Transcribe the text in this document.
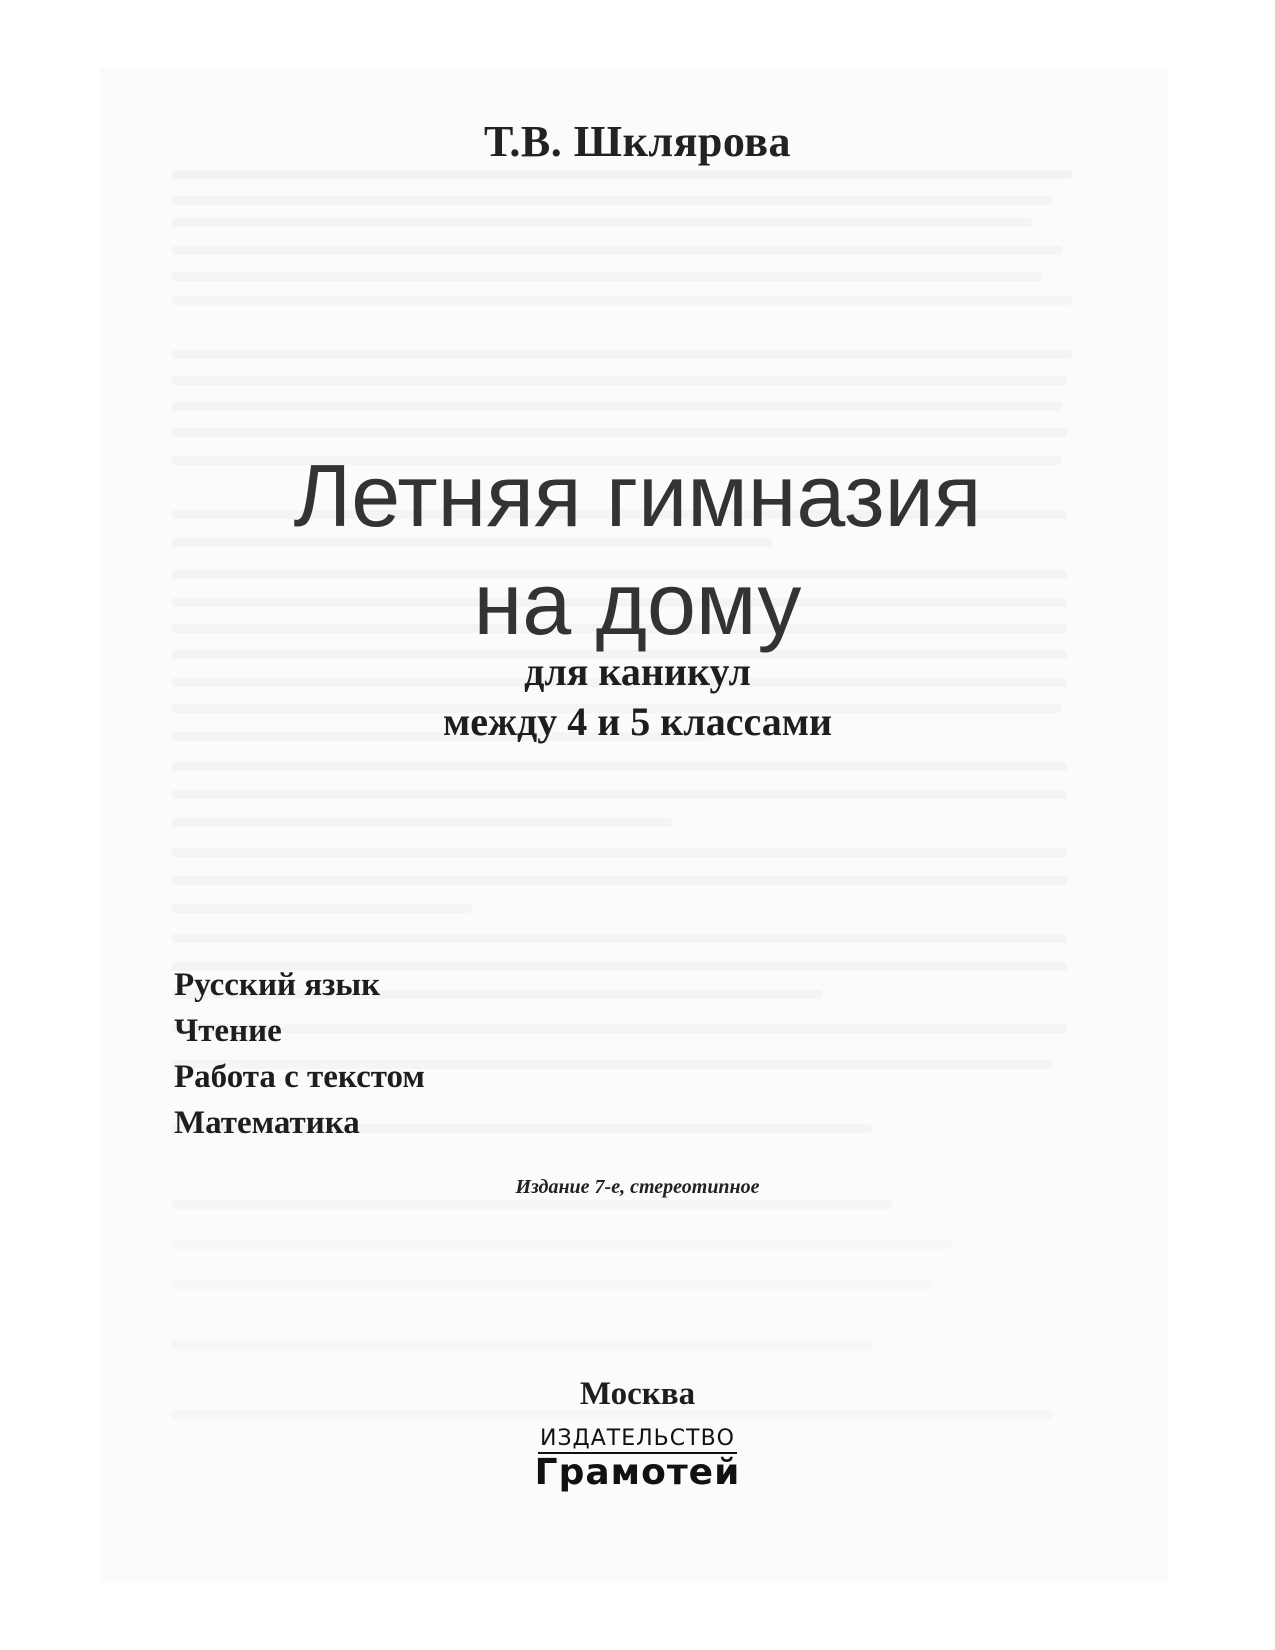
Т.В. Шклярова
Летняя гимназия
на дому
для каникул
между 4 и 5 классами
Русский язык
Чтение
Работа с текстом
Математика
Издание 7-е, стереотипное
Москва
ИЗДАТЕЛЬСТВО
Грамотей
